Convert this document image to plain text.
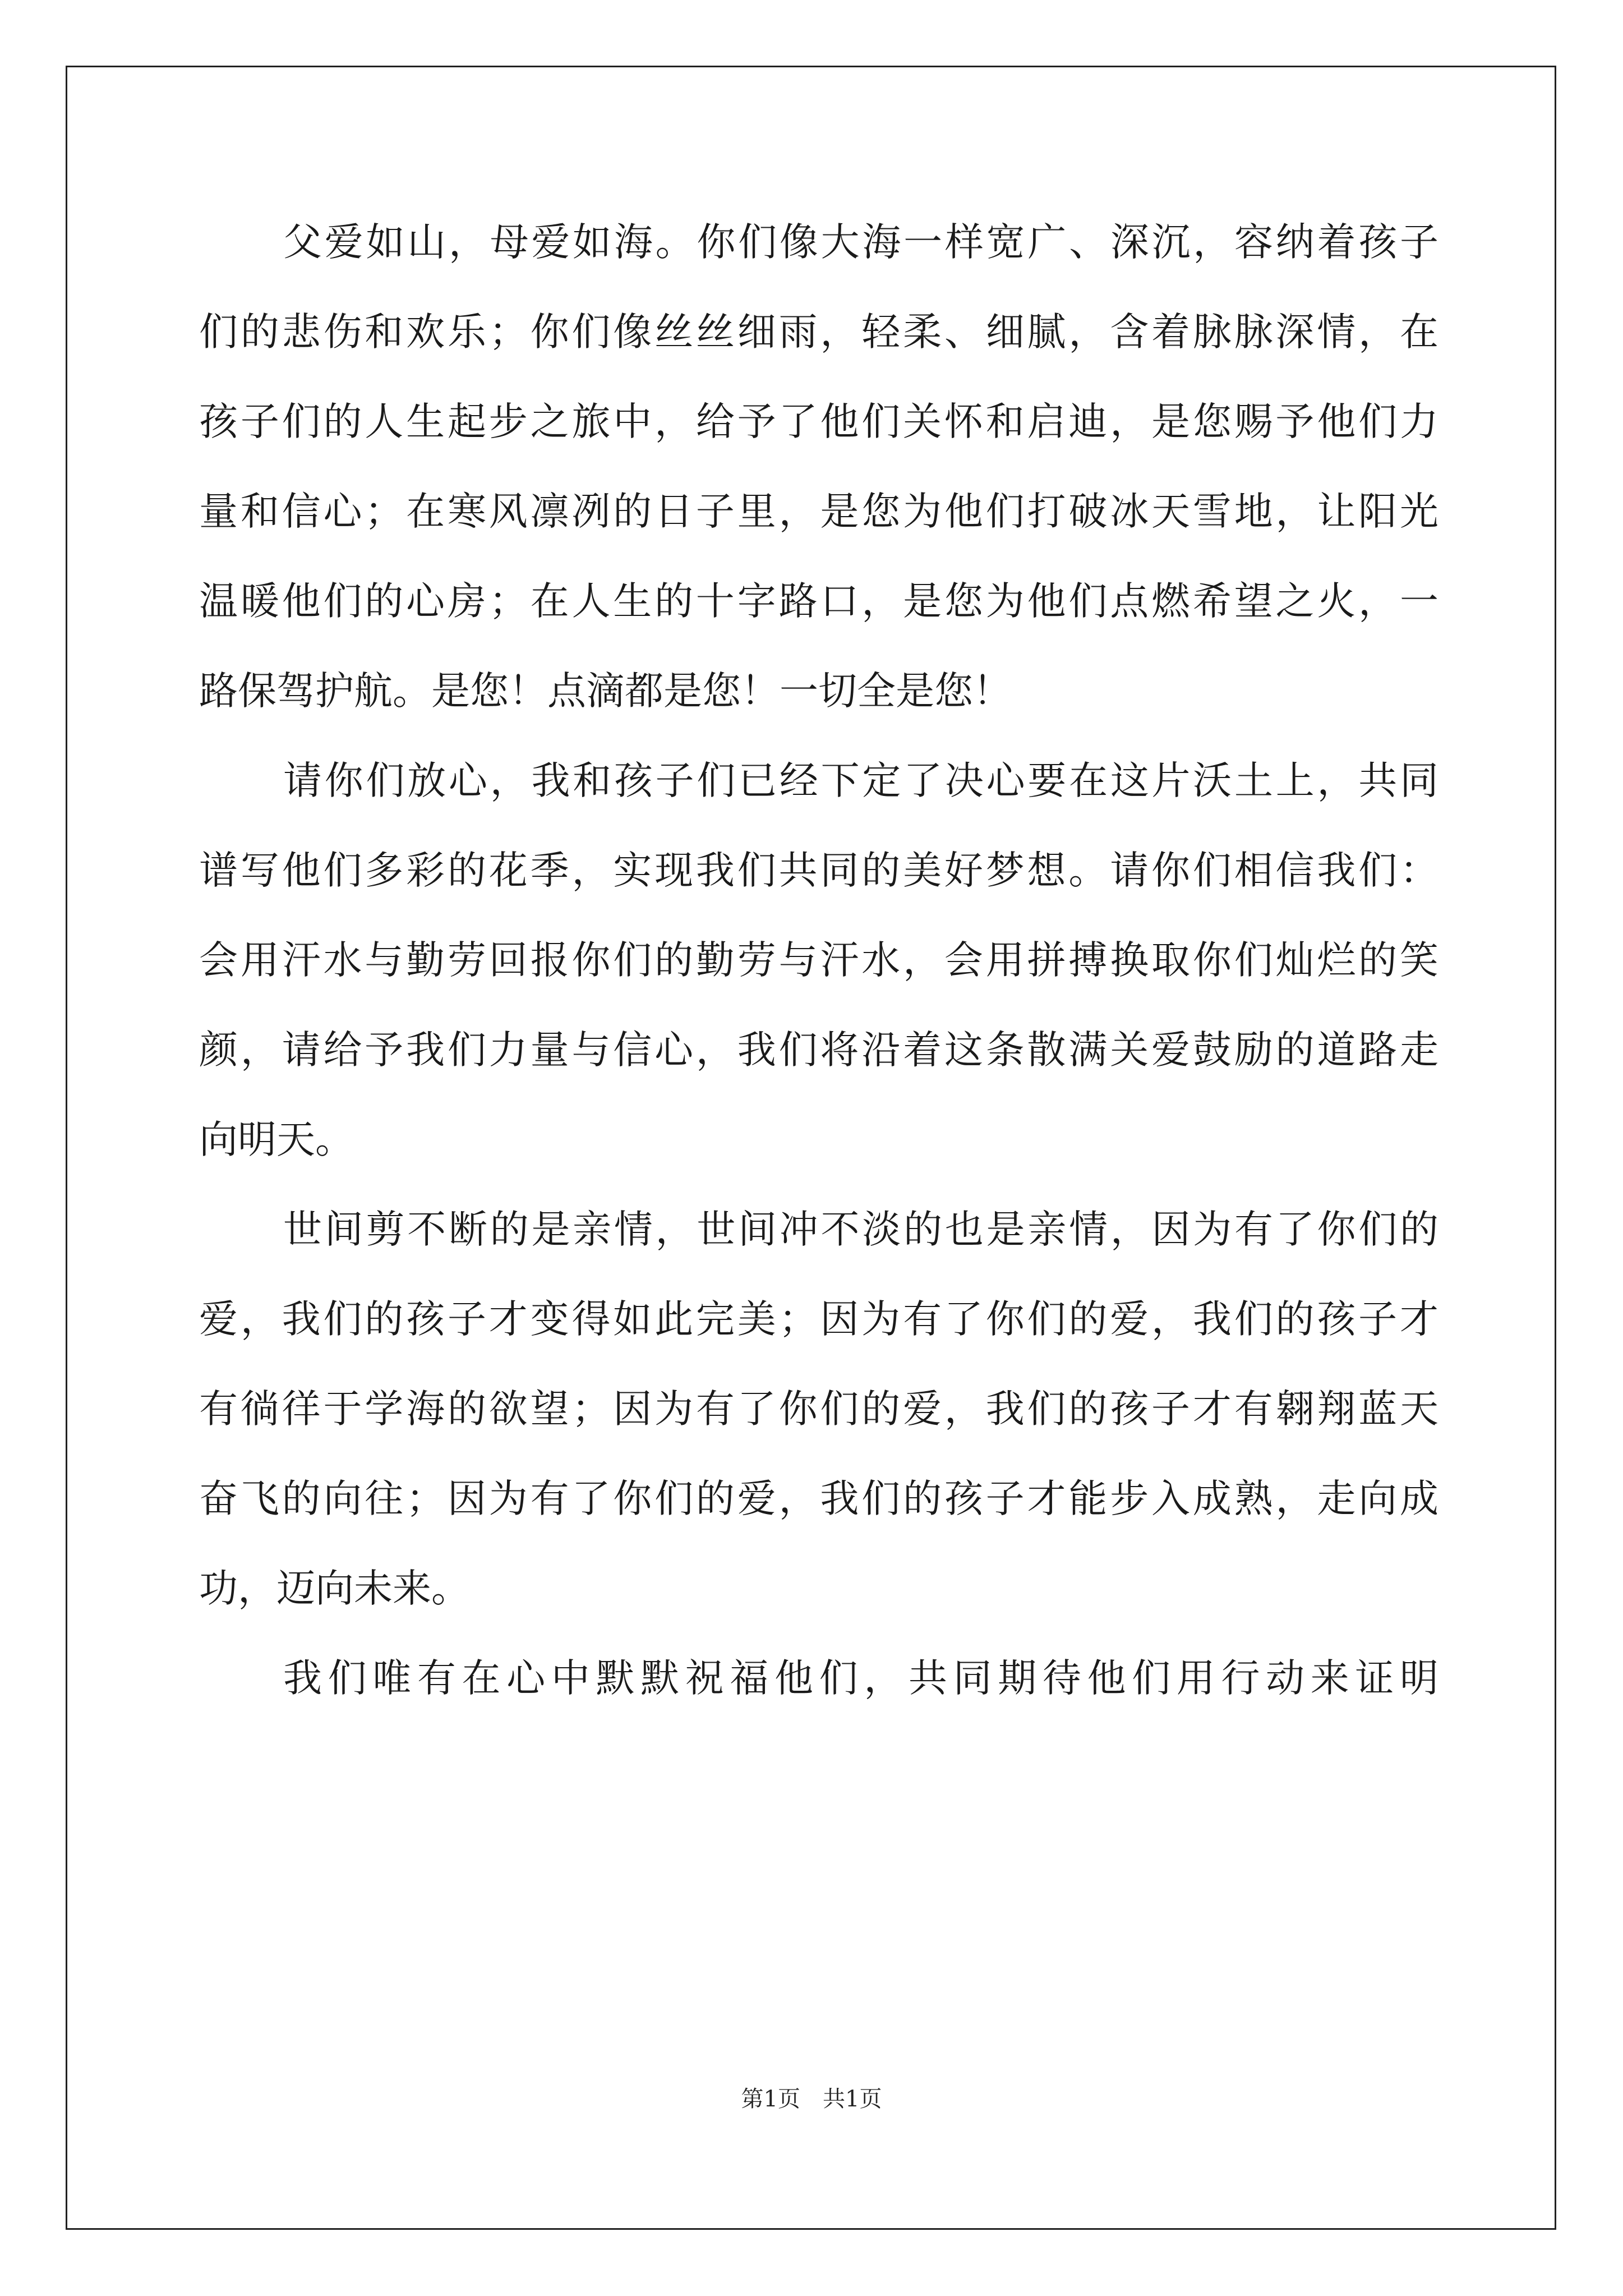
父爱如山，母爱如海。你们像大海一样宽广、深沉，容纳着孩子
们的悲伤和欢乐；你们像丝丝细雨，轻柔、细腻，含着脉脉深情，在
孩子们的人生起步之旅中，给予了他们关怀和启迪，是您赐予他们力
量和信心；在寒风凛冽的日子里，是您为他们打破冰天雪地，让阳光
温暖他们的心房；在人生的十字路口，是您为他们点燃希望之火，一
路保驾护航。是您！点滴都是您！一切全是您！
请你们放心，我和孩子们已经下定了决心要在这片沃土上，共同
谱写他们多彩的花季，实现我们共同的美好梦想。请你们相信我们：
会用汗水与勤劳回报你们的勤劳与汗水，会用拼搏换取你们灿烂的笑
颜，请给予我们力量与信心，我们将沿着这条散满关爱鼓励的道路走
向明天。
世间剪不断的是亲情，世间冲不淡的也是亲情，因为有了你们的
爱，我们的孩子才变得如此完美；因为有了你们的爱，我们的孩子才
有徜徉于学海的欲望；因为有了你们的爱，我们的孩子才有翱翔蓝天
奋飞的向往；因为有了你们的爱，我们的孩子才能步入成熟，走向成
功，迈向未来。
我们唯有在心中默默祝福他们，共同期待他们用行动来证明
第1页　共1页
